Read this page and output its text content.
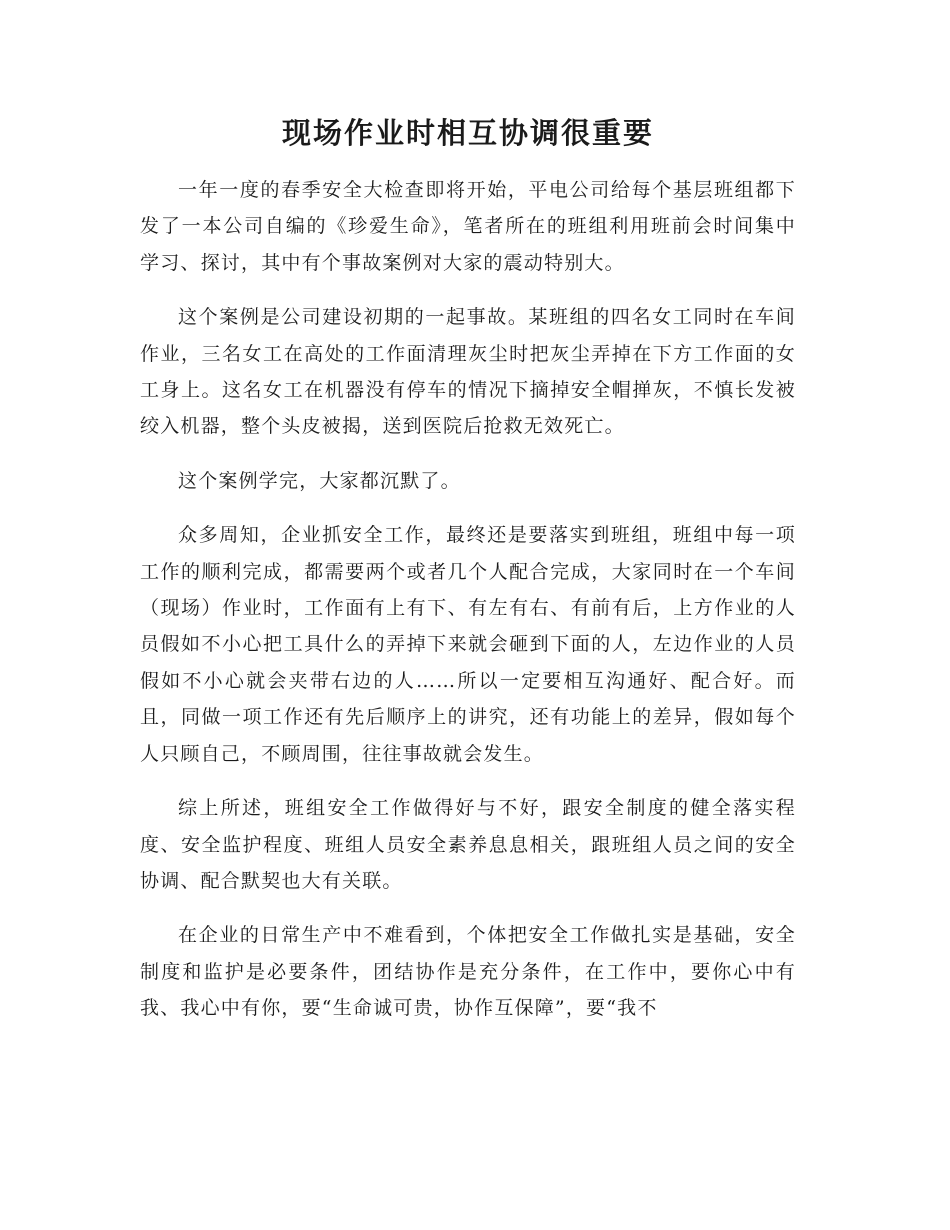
现场作业时相互协调很重要

一年一度的春季安全大检查即将开始，平电公司给每个基层班组都下发了一本公司自编的《珍爱生命》，笔者所在的班组利用班前会时间集中学习、探讨，其中有个事故案例对大家的震动特别大。

这个案例是公司建设初期的一起事故。某班组的四名女工同时在车间作业，三名女工在高处的工作面清理灰尘时把灰尘弄掉在下方工作面的女工身上。这名女工在机器没有停车的情况下摘掉安全帽掸灰，不慎长发被绞入机器，整个头皮被揭，送到医院后抢救无效死亡。

这个案例学完，大家都沉默了。

众多周知，企业抓安全工作，最终还是要落实到班组，班组中每一项工作的顺利完成，都需要两个或者几个人配合完成，大家同时在一个车间（现场）作业时，工作面有上有下、有左有右、有前有后，上方作业的人员假如不小心把工具什么的弄掉下来就会砸到下面的人，左边作业的人员假如不小心就会夹带右边的人……所以一定要相互沟通好、配合好。而且，同做一项工作还有先后顺序上的讲究，还有功能上的差异，假如每个人只顾自己，不顾周围，往往事故就会发生。

综上所述，班组安全工作做得好与不好，跟安全制度的健全落实程度、安全监护程度、班组人员安全素养息息相关，跟班组人员之间的安全协调、配合默契也大有关联。

在企业的日常生产中不难看到，个体把安全工作做扎实是基础，安全制度和监护是必要条件，团结协作是充分条件，在工作中，要你心中有我、我心中有你，要“生命诚可贵，协作互保障”，要“我不
